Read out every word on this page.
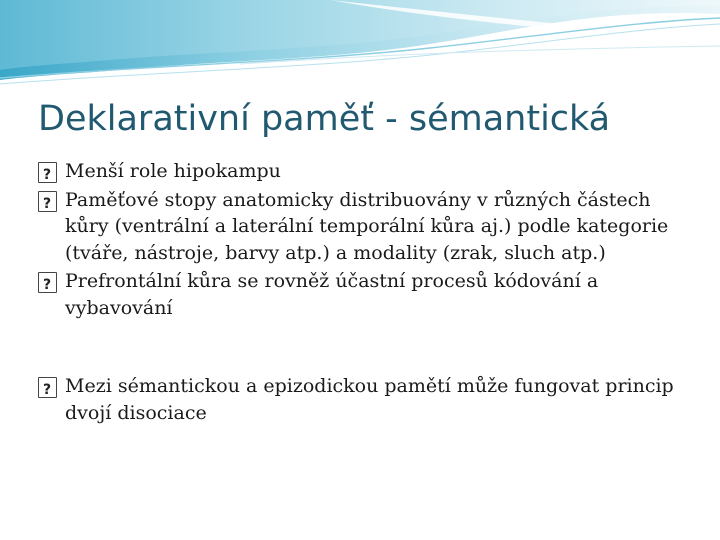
Deklarativní paměť - sémantická
?
Menší role hipokampu
?
Paměťové stopy anatomicky distribuovány v různých částech kůry (ventrální a laterální temporální kůra aj.) podle kategorie (tváře, nástroje, barvy atp.) a modality (zrak, sluch atp.)
?
Prefrontální kůra se rovněž účastní procesů kódování a vybavování
?
Mezi sémantickou a epizodickou pamětí může fungovat princip dvojí disociace
